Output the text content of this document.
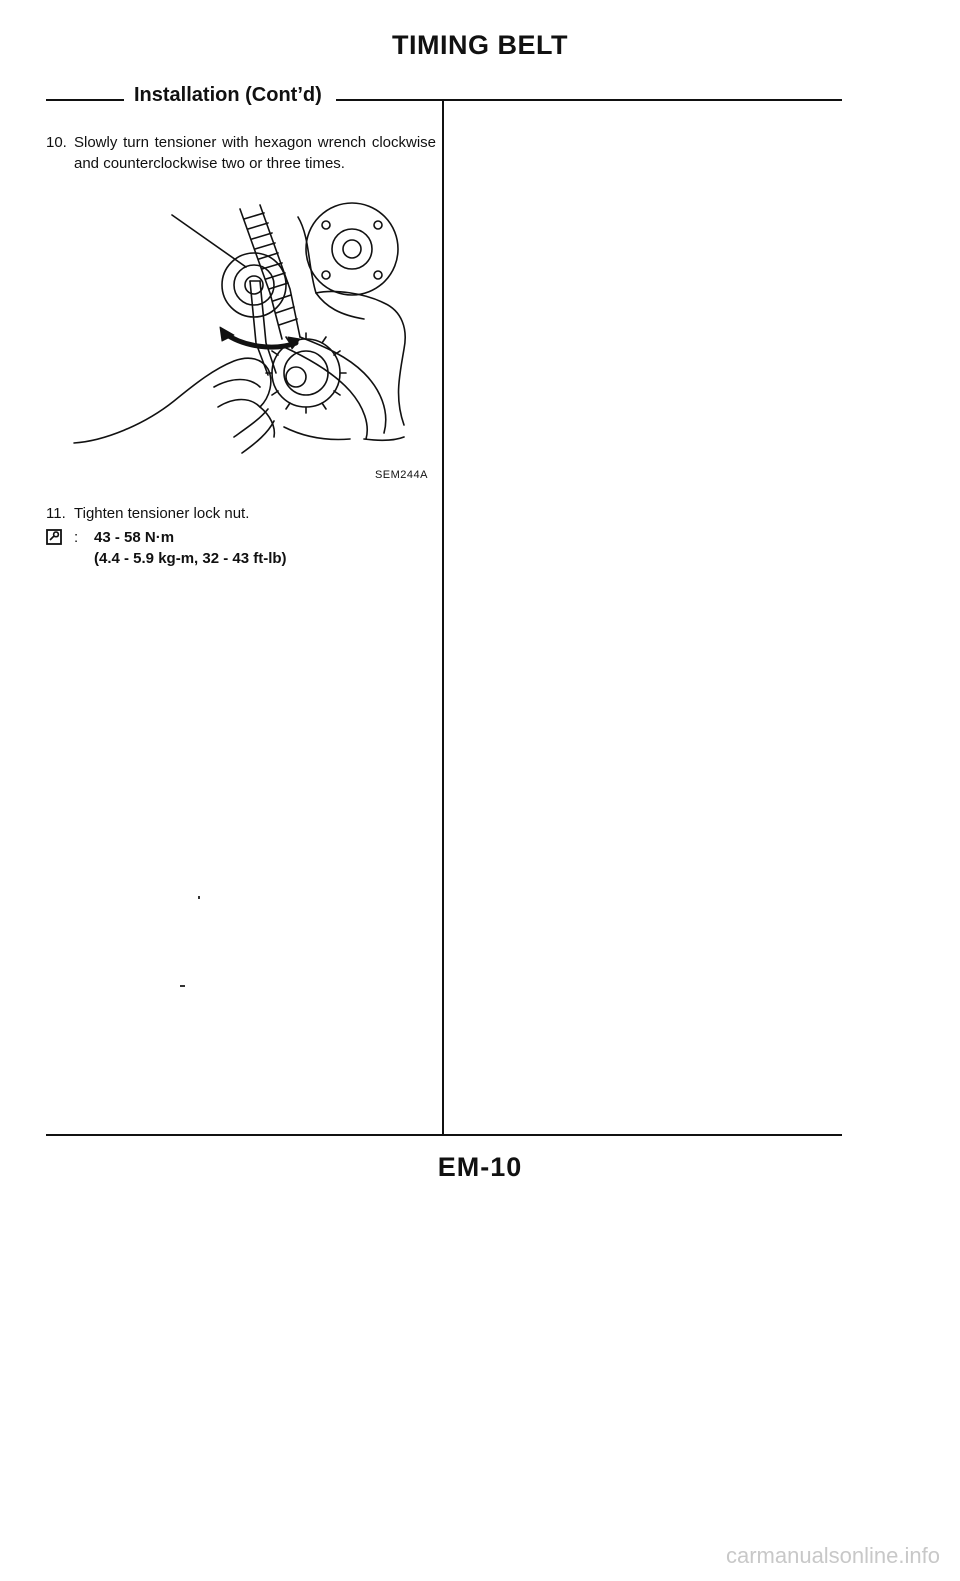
TIMING BELT
Installation (Cont’d)
10. Slowly turn tensioner with hexagon wrench clockwise and counterclockwise two or three times.
SEM244A
11. Tighten tensioner lock nut.
: 43 - 58 N·m
(4.4 - 5.9 kg-m, 32 - 43 ft-lb)
EM-10
carmanualsonline.info
